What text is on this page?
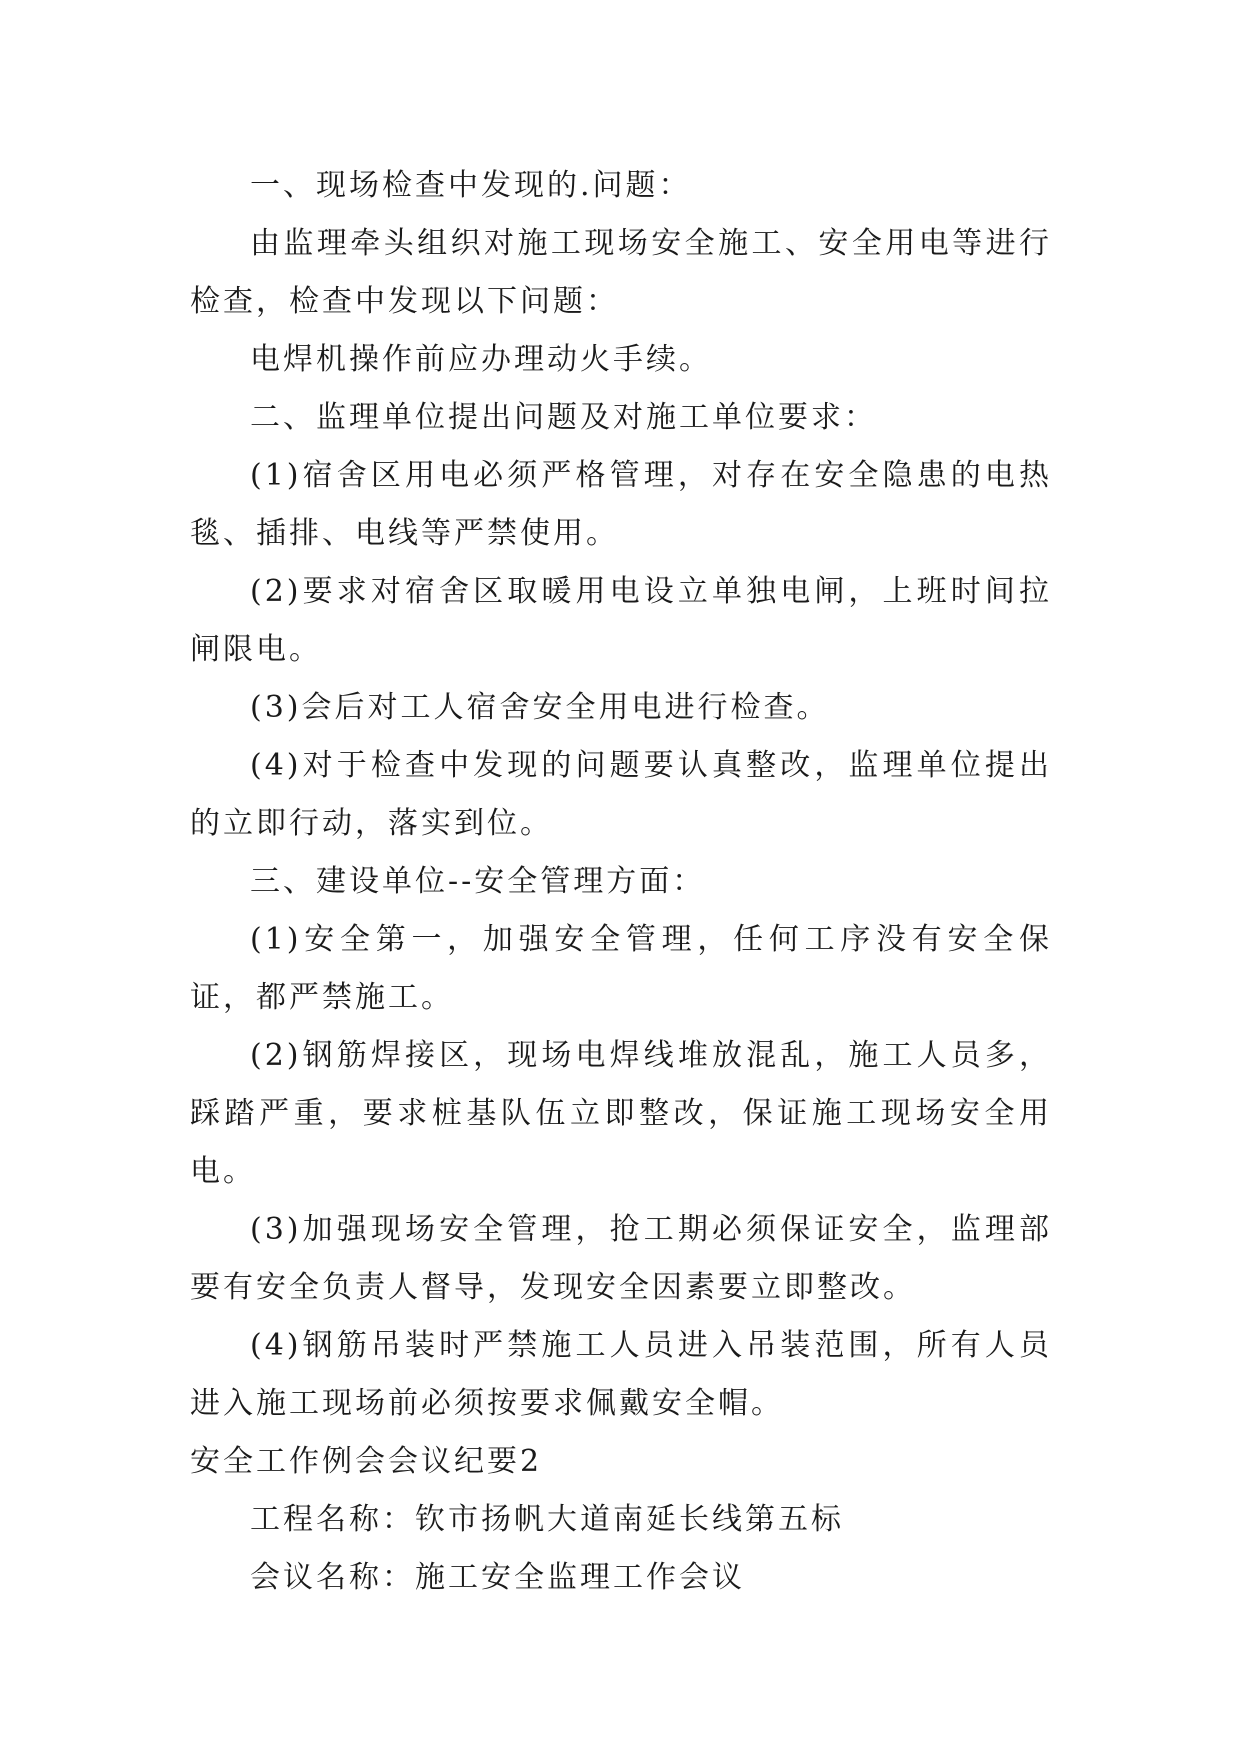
一、现场检查中发现的.问题：

由监理牵头组织对施工现场安全施工、安全用电等进行检查，检查中发现以下问题：

电焊机操作前应办理动火手续。

二、监理单位提出问题及对施工单位要求：

(1)宿舍区用电必须严格管理，对存在安全隐患的电热毯、插排、电线等严禁使用。

(2)要求对宿舍区取暖用电设立单独电闸，上班时间拉闸限电。

(3)会后对工人宿舍安全用电进行检查。

(4)对于检查中发现的问题要认真整改，监理单位提出的立即行动，落实到位。

三、建设单位--安全管理方面：

(1)安全第一，加强安全管理，任何工序没有安全保证，都严禁施工。

(2)钢筋焊接区，现场电焊线堆放混乱，施工人员多，踩踏严重，要求桩基队伍立即整改，保证施工现场安全用电。

(3)加强现场安全管理，抢工期必须保证安全，监理部要有安全负责人督导，发现安全因素要立即整改。

(4)钢筋吊装时严禁施工人员进入吊装范围，所有人员进入施工现场前必须按要求佩戴安全帽。

安全工作例会会议纪要2

工程名称：钦市扬帆大道南延长线第五标

会议名称：施工安全监理工作会议
